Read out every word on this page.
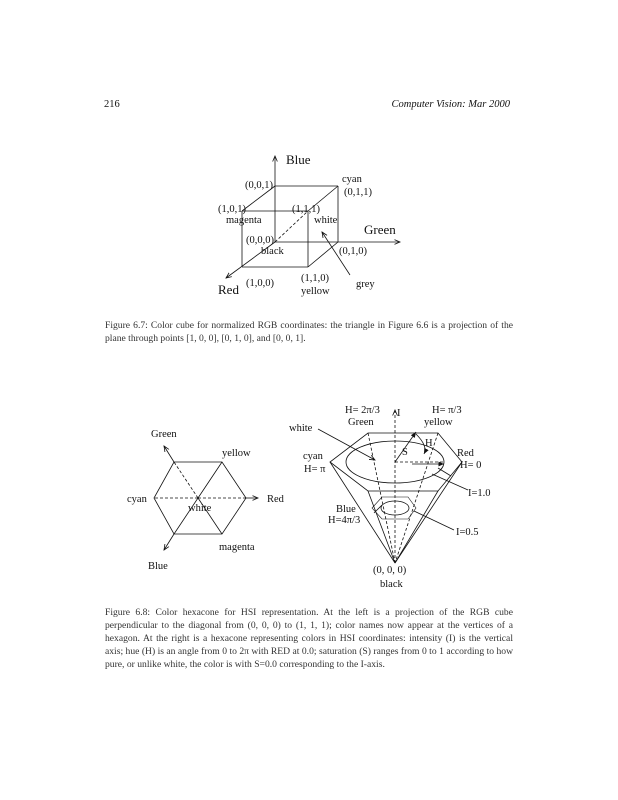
216	Computer Vision: Mar 2000
Blue
(0,0,1)
cyan
(0,1,1)
(1,0,1)	(1,1,1)
magenta	white
Green
(0,0,0)
black	(0,1,0)
(1,0,0)	(1,1,0)
grey
Red	yellow
Figure 6.7: Color cube for normalized RGB coordinates: the triangle in Figure 6.6 is a projection of the plane through points [1, 0, 0], [0, 1, 0], and [0, 0, 1].
Green
yellow
cyan
white
Red
magenta
Blue
H= 2π/3 I	H= π/3
Green	yellow
white
H
cyan	S	Red
H= π	H= 0
I=1.0
Blue
H=4π/3
I=0.5
(0, 0, 0)
black
Figure 6.8: Color hexacone for HSI representation. At the left is a projection of the RGB cube perpendicular to the diagonal from (0, 0, 0) to (1, 1, 1); color names now appear at the vertices of a hexagon. At the right is a hexacone representing colors in HSI coordinates: intensity (I) is the vertical axis; hue (H) is an angle from 0 to 2π with RED at 0.0; saturation (S) ranges from 0 to 1 according to how pure, or unlike white, the color is with S=0.0 corresponding to the I-axis.
